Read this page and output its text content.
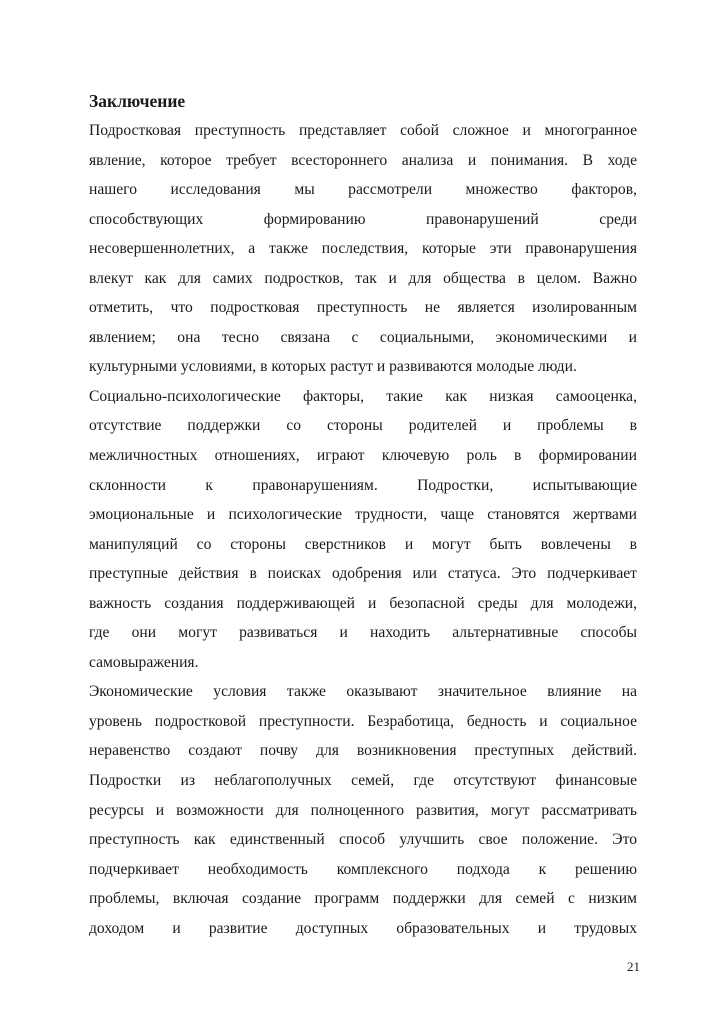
Заключение
Подростковая преступность представляет собой сложное и многогранное
явление, которое требует всестороннего анализа и понимания. В ходе
нашего исследования мы рассмотрели множество факторов,
способствующих формированию правонарушений среди
несовершеннолетних, а также последствия, которые эти правонарушения
влекут как для самих подростков, так и для общества в целом. Важно
отметить, что подростковая преступность не является изолированным
явлением; она тесно связана с социальными, экономическими и
культурными условиями, в которых растут и развиваются молодые люди.
Социально-психологические факторы, такие как низкая самооценка,
отсутствие поддержки со стороны родителей и проблемы в
межличностных отношениях, играют ключевую роль в формировании
склонности к правонарушениям. Подростки, испытывающие
эмоциональные и психологические трудности, чаще становятся жертвами
манипуляций со стороны сверстников и могут быть вовлечены в
преступные действия в поисках одобрения или статуса. Это подчеркивает
важность создания поддерживающей и безопасной среды для молодежи,
где они могут развиваться и находить альтернативные способы
самовыражения.
Экономические условия также оказывают значительное влияние на
уровень подростковой преступности. Безработица, бедность и социальное
неравенство создают почву для возникновения преступных действий.
Подростки из неблагополучных семей, где отсутствуют финансовые
ресурсы и возможности для полноценного развития, могут рассматривать
преступность как единственный способ улучшить свое положение. Это
подчеркивает необходимость комплексного подхода к решению
проблемы, включая создание программ поддержки для семей с низким
доходом и развитие доступных образовательных и трудовых
21
